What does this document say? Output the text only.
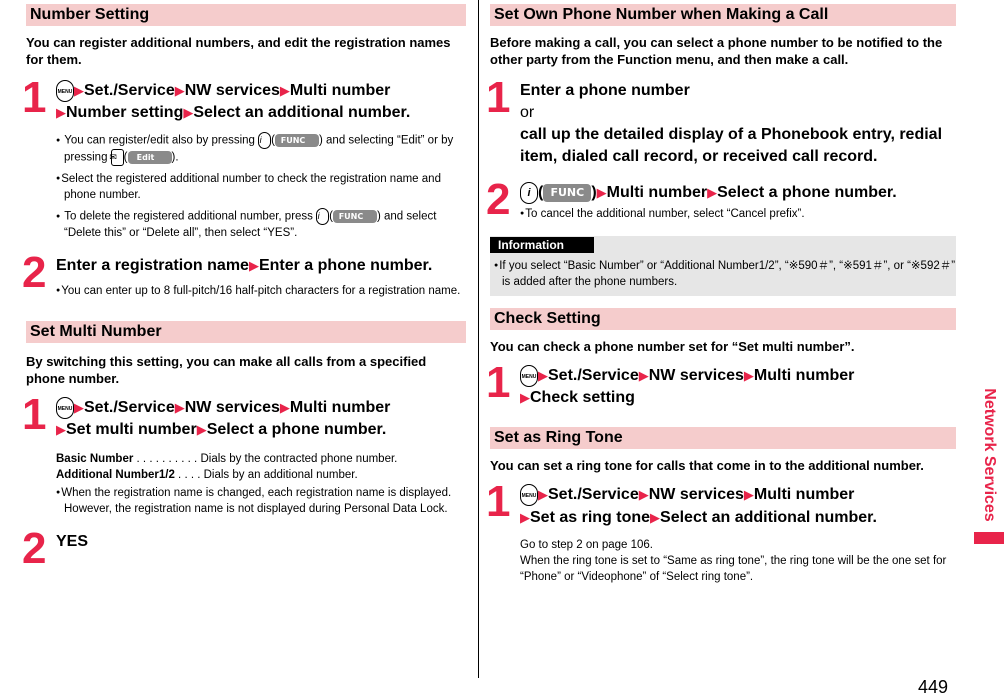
Number Setting
You can register additional numbers, and edit the registration names for them.
1	MENU ▶Set./Service▶NW services▶Multi number
▶Number setting▶Select an additional number.
● You can register/edit also by pressing i ( FUNC ) and selecting “Edit” or by pressing ✉ ( Edit ).
● Select the registered additional number to check the registration name and phone number.
● To delete the registered additional number, press i ( FUNC ) and select “Delete this” or “Delete all”, then select “YES”.
2 Enter a registration name▶Enter a phone number.
● You can enter up to 8 full-pitch/16 half-pitch characters for a registration name.
Set Multi Number
By switching this setting, you can make all calls from a specified phone number.
1	MENU ▶Set./Service▶NW services▶Multi number
▶Set multi number▶Select a phone number.
Basic Number . . . . . . . . . . Dials by the contracted phone number.
Additional Number1/2 . . . . Dials by an additional number.
● When the registration name is changed, each registration name is displayed. However, the registration name is not displayed during Personal Data Lock.
2 YES
Set Own Phone Number when Making a Call
Before making a call, you can select a phone number to be notified to the other party from the Function menu, and then make a call.
1 Enter a phone number
or
call up the detailed display of a Phonebook entry, redial item, dialed call record, or received call record.
2	i ( FUNC )▶Multi number▶Select a phone number.
● To cancel the additional number, select “Cancel prefix”.
Information
● If you select “Basic Number” or “Additional Number1/2”, “※590＃”, “※591＃”, or “※592＃” is added after the phone numbers.
Check Setting
You can check a phone number set for “Set multi number”.
1	MENU ▶Set./Service▶NW services▶Multi number
▶Check setting
Set as Ring Tone
You can set a ring tone for calls that come in to the additional number.
1	MENU ▶Set./Service▶NW services▶Multi number
▶Set as ring tone▶Select an additional number.
Go to step 2 on page 106.
When the ring tone is set to “Same as ring tone”, the ring tone will be the one set for “Phone” or “Videophone” of “Select ring tone”.
Network Services
449
